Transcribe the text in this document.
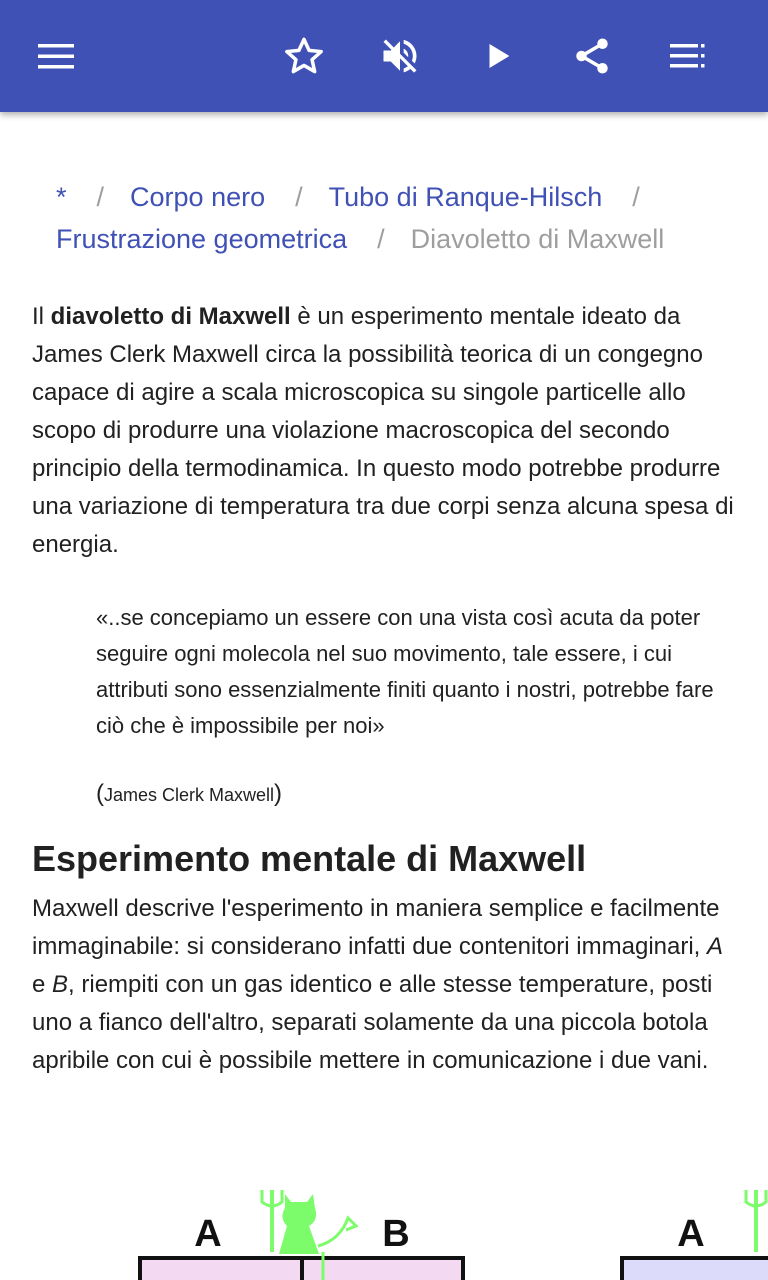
* / Corpo nero / Tubo di Ranque-Hilsch /
Frustrazione geometrica / Diavoletto di Maxwell
Il diavoletto di Maxwell è un esperimento mentale ideato da James Clerk Maxwell circa la possibilità teorica di un congegno capace di agire a scala microscopica su singole particelle allo scopo di produrre una violazione macroscopica del secondo principio della termodinamica. In questo modo potrebbe produrre una variazione di temperatura tra due corpi senza alcuna spesa di energia.
«..se concepiamo un essere con una vista così acuta da poter seguire ogni molecola nel suo movimento, tale essere, i cui attributi sono essenzialmente finiti quanto i nostri, potrebbe fare ciò che è impossibile per noi»
(James Clerk Maxwell)
Esperimento mentale di Maxwell
Maxwell descrive l'esperimento in maniera semplice e facilmente immaginabile: si considerano infatti due contenitori immaginari, A e B, riempiti con un gas identico e alle stesse temperature, posti uno a fianco dell'altro, separati solamente da una piccola botola apribile con cui è possibile mettere in comunicazione i due vani.
A	B	A
